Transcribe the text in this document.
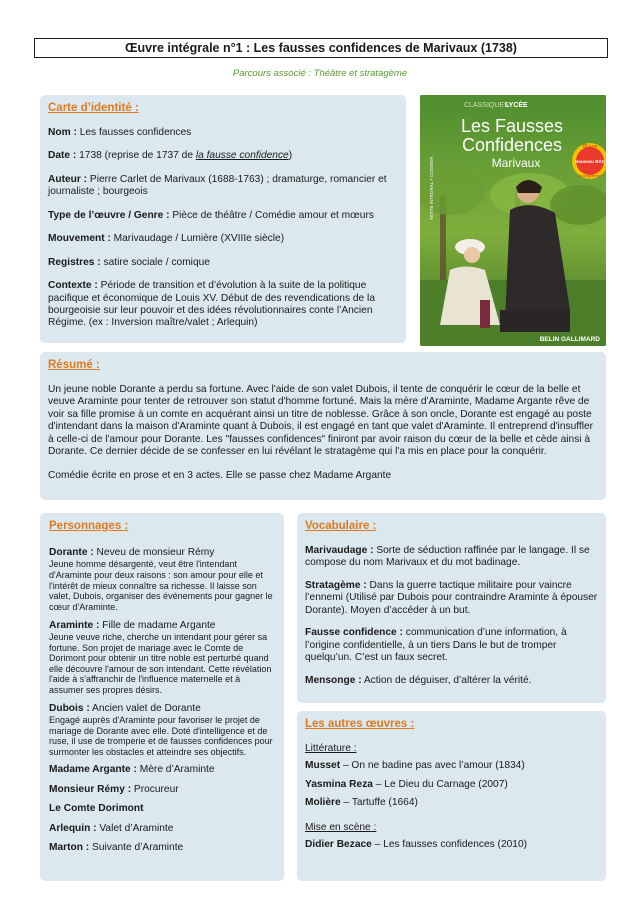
Œuvre intégrale n°1 : Les fausses confidences de Marivaux (1738)
Parcours associé : Théâtre et stratagème
Carte d’identité :
Nom : Les fausses confidences
Date : 1738 (reprise de 1737 de la fausse confidence)
Auteur : Pierre Carlet de Marivaux (1688-1763) ; dramaturge, romancier et journaliste ; bourgeois
Type de l’œuvre / Genre : Pièce de théâtre / Comédie amour et mœurs
Mouvement : Marivaudage / Lumière (XVIIIe siècle)
Registres : satire sociale / comique
Contexte : Période de transition et d’évolution à la suite de la politique pacifique et économique de Louis XV. Début de des revendications de la bourgeoisie sur leur pouvoir et des idées révolutionnaires conte l’Ancien Régime. (ex : Inversion maître/valet ; Arlequin)
CLASSIQUES
LYCÉE
Les Fausses
Confidences
Marivaux
Œuvre
Nouveau BAC
au programme
TEXTE INTÉGRAL + DOSSIER
BELIN GALLIMARD
Résumé :

Un jeune noble Dorante a perdu sa fortune. Avec l'aide de son valet Dubois, il tente de conquérir le cœur de la belle et veuve Araminte pour tenter de retrouver son statut d'homme fortuné. Mais la mère d'Araminte, Madame Argante rêve de voir sa fille promise à un comte en acquérant ainsi un titre de noblesse. Grâce à son oncle, Dorante est engagé au poste d'intendant dans la maison d'Araminte quant à Dubois, il est engagé en tant que valet d'Araminte. Il entreprend d'insuffler à celle-ci de l'amour pour Dorante. Les "fausses confidences" finiront par avoir raison du cœur de la belle et cède ainsi à Dorante. Ce dernier décide de se confesser en lui révélant le stratagème qui l'a mis en place pour la conquérir.

Comédie écrite en prose et en 3 actes. Elle se passe chez Madame Argante

Personnages :
Dorante : Neveu de monsieur Rémy
Jeune homme désargenté, veut être l'intendant d'Araminte pour deux raisons : son amour pour elle et l'intérêt de mieux connaître sa richesse. Il laisse son valet, Dubois, organiser des événements pour gagner le cœur d'Araminte.
Araminte : Fille de madame Argante
Jeune veuve riche, cherche un intendant pour gérer sa fortune. Son projet de mariage avec le Comte de Dorimont pour obtenir un titre noble est perturbé quand elle découvre l'amour de son intendant. Cette révélation l'aide à s'affranchir de l'influence maternelle et à assumer ses propres désirs.
Dubois : Ancien valet de Dorante
Engagé auprès d'Araminte pour favoriser le projet de mariage de Dorante avec elle. Doté d'intelligence et de ruse, il use de tromperie et de fausses confidences pour surmonter les obstacles et atteindre ses objectifs.
Madame Argante : Mère d’Araminte
Monsieur Rémy : Procureur
Le Comte Dorimont
Arlequin : Valet d’Araminte
Marton : Suivante d’Araminte
Vocabulaire :
Marivaudage : Sorte de séduction raffinée par le langage. Il se compose du nom Marivaux et du mot badinage.
Stratagème : Dans la guerre tactique militaire pour vaincre l’ennemi (Utilisé par Dubois pour contraindre Araminte à épouser Dorante). Moyen d’accéder à un but.
Fausse confidence : communication d’une information, à l’origine confidentielle, à un tiers Dans le but de tromper quelqu’un. C’est un faux secret.
Mensonge : Action de déguiser, d’altérer la vérité.
Les autres œuvres :
Littérature :
Musset – On ne badine pas avec l’amour (1834)
Yasmina Reza – Le Dieu du Carnage (2007)
Molière – Tartuffe (1664)
Mise en scène :
Didier Bezace – Les fausses confidences (2010)
